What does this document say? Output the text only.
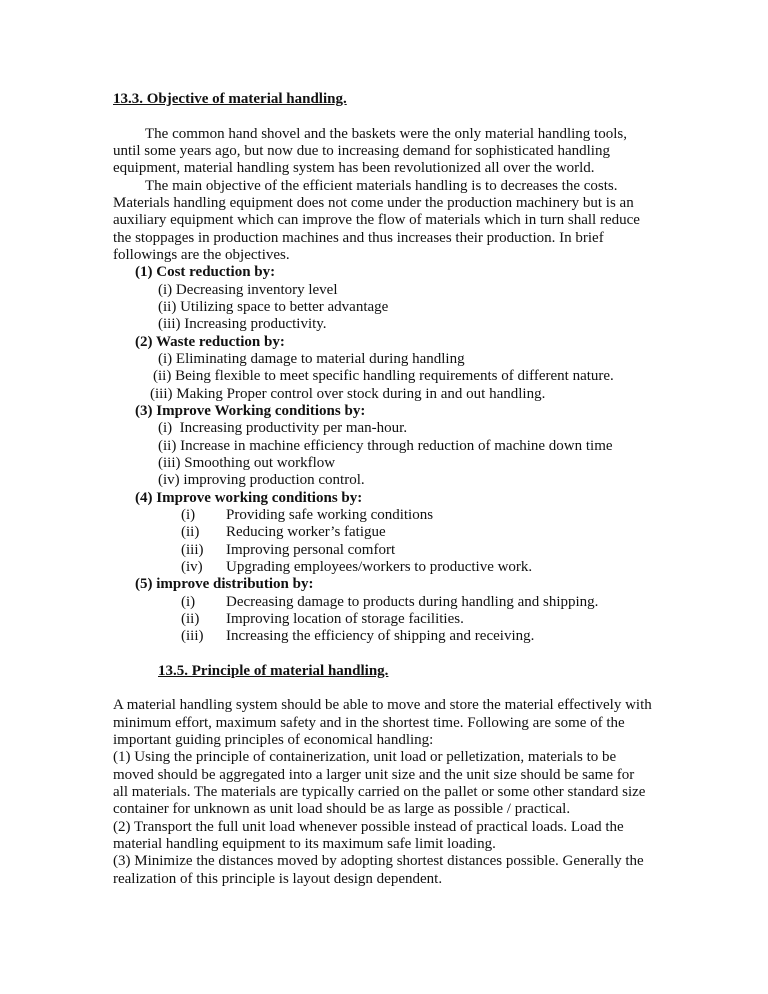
13.3. Objective of material handling.
The common hand shovel and the baskets were the only material handling tools,
until some years ago, but now due to increasing demand for sophisticated handling
equipment, material handling system has been revolutionized all over the world.
The main objective of the efficient materials handling is to decreases the costs.
Materials handling equipment does not come under the production machinery but is an
auxiliary equipment which can improve the flow of materials which in turn shall reduce
the stoppages in production machines and thus increases their production. In brief
followings are the objectives.
(1) Cost reduction by:
(i) Decreasing inventory level
(ii) Utilizing space to better advantage
(iii) Increasing productivity.
(2) Waste reduction by:
(i) Eliminating damage to material during handling
(ii) Being flexible to meet specific handling requirements of different nature.
(iii) Making Proper control over stock during in and out handling.
(3) Improve Working conditions by:
(i)  Increasing productivity per man-hour.
(ii) Increase in machine efficiency through reduction of machine down time
(iii) Smoothing out workflow
(iv) improving production control.
(4) Improve working conditions by:
(i) Providing safe working conditions
(ii) Reducing worker’s fatigue
(iii) Improving personal comfort
(iv) Upgrading employees/workers to productive work.
(5) improve distribution by:
(i) Decreasing damage to products during handling and shipping.
(ii) Improving location of storage facilities.
(iii) Increasing the efficiency of shipping and receiving.
13.5. Principle of material handling.
A material handling system should be able to move and store the material effectively with
minimum effort, maximum safety and in the shortest time. Following are some of the
important guiding principles of economical handling:
(1) Using the principle of containerization, unit load or pelletization, materials to be
moved should be aggregated into a larger unit size and the unit size should be same for
all materials. The materials are typically carried on the pallet or some other standard size
container for unknown as unit load should be as large as possible / practical.
(2) Transport the full unit load whenever possible instead of practical loads. Load the
material handling equipment to its maximum safe limit loading.
(3) Minimize the distances moved by adopting shortest distances possible. Generally the
realization of this principle is layout design dependent.
